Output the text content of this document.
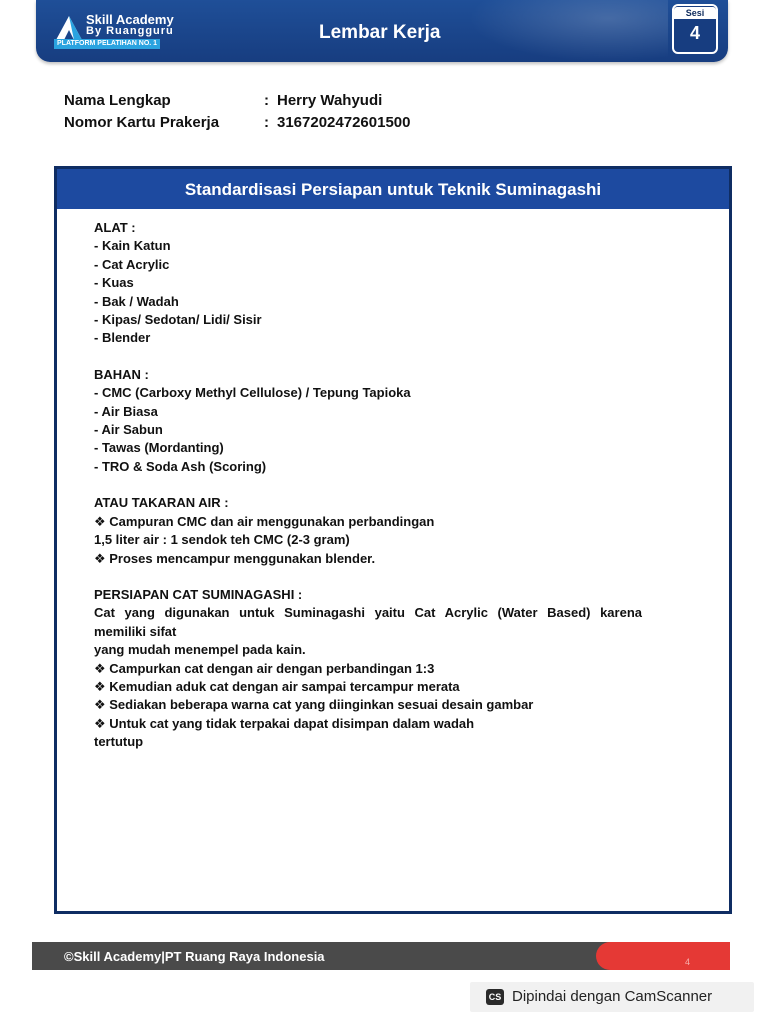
Skill Academy
By Ruangguru
PLATFORM PELATIHAN NO. 1
Lembar Kerja
Sesi
4
Nama Lengkap	: Herry Wahyudi
Nomor Kartu Prakerja	: 3167202472601500
Standardisasi Persiapan untuk Teknik Suminagashi
ALAT :
- Kain Katun
- Cat Acrylic
- Kuas
- Bak / Wadah
- Kipas/ Sedotan/ Lidi/ Sisir
- Blender
BAHAN :
- CMC (Carboxy Methyl Cellulose) / Tepung Tapioka
- Air Biasa
- Air Sabun
- Tawas (Mordanting)
- TRO & Soda Ash (Scoring)
ATAU TAKARAN AIR :
❖ Campuran CMC dan air menggunakan perbandingan
1,5 liter air : 1 sendok teh CMC (2-3 gram)
❖ Proses mencampur menggunakan blender.
PERSIAPAN CAT SUMINAGASHI :
Cat yang digunakan untuk Suminagashi yaitu Cat Acrylic (Water Based) karena
memiliki sifat
yang mudah menempel pada kain.
❖ Campurkan cat dengan air dengan perbandingan 1:3
❖ Kemudian aduk cat dengan air sampai tercampur merata
❖ Sediakan beberapa warna cat yang diinginkan sesuai desain gambar
❖ Untuk cat yang tidak terpakai dapat disimpan dalam wadah
tertutup
©Skill Academy|PT Ruang Raya Indonesia	4
CS Dipindai dengan CamScanner
